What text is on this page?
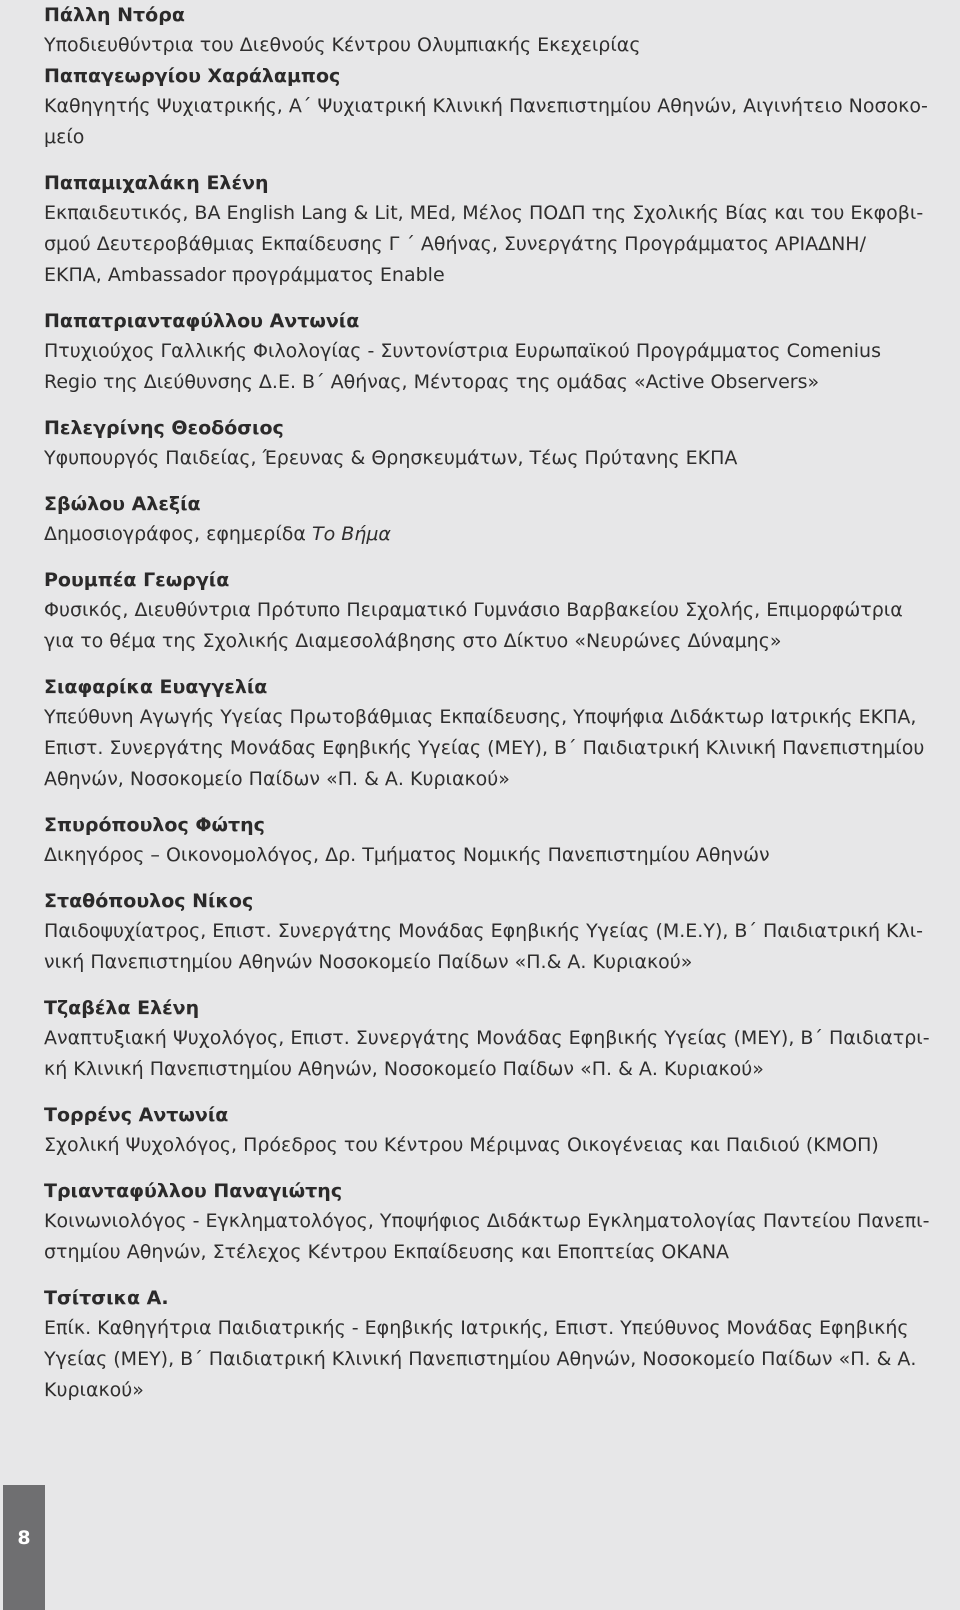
Πάλλη Ντόρα
Υποδιευθύντρια του Διεθνούς Κέντρου Ολυμπιακής Εκεχειρίας
Παπαγεωργίου Χαράλαμπος
Καθηγητής Ψυχιατρικής, Α΄ Ψυχιατρική Κλινική Πανεπιστημίου Αθηνών, Αιγινήτειο Νοσοκο-
μείο
Παπαμιχαλάκη Ελένη
Εκπαιδευτικός, BA English Lang & Lit, MEd, Μέλος ΠΟΔΠ της Σχολικής Βίας και του Εκφοβι-
σμού Δευτεροβάθμιας Εκπαίδευσης Γ ΄ Αθήνας, Συνεργάτης Προγράμματος ΑΡΙΑΔΝΗ/
ΕΚΠΑ, Ambassador προγράμματος Enable
Παπατριανταφύλλου Αντωνία
Πτυχιούχος Γαλλικής Φιλολογίας - Συντονίστρια Ευρωπαϊκού Προγράμματος Comenius
Regio της Διεύθυνσης Δ.Ε. Β΄ Αθήνας, Μέντορας της ομάδας «Active Observers»
Πελεγρίνης Θεοδόσιος
Υφυπουργός Παιδείας, Έρευνας & Θρησκευμάτων, Τέως Πρύτανης ΕΚΠΑ
Σβώλου Αλεξία
Δημοσιογράφος, εφημερίδα Το Βήμα
Ρουμπέα Γεωργία
Φυσικός, Διευθύντρια Πρότυπο Πειραματικό Γυμνάσιο Βαρβακείου Σχολής, Επιμορφώτρια
για το θέμα της Σχολικής Διαμεσολάβησης στο Δίκτυο «Νευρώνες Δύναμης»
Σιαφαρίκα Ευαγγελία
Υπεύθυνη Αγωγής Υγείας Πρωτοβάθμιας Εκπαίδευσης, Υποψήφια Διδάκτωρ Ιατρικής ΕΚΠΑ,
Επιστ. Συνεργάτης Μονάδας Εφηβικής Υγείας (ΜΕΥ), Β΄ Παιδιατρική Κλινική Πανεπιστημίου
Αθηνών, Νοσοκομείο Παίδων «Π. & Α. Κυριακού»
Σπυρόπουλος Φώτης
Δικηγόρος – Οικονομολόγος, Δρ. Τμήματος Νομικής Πανεπιστημίου Αθηνών
Σταθόπουλος Νίκος
Παιδοψυχίατρος, Επιστ. Συνεργάτης Μονάδας Εφηβικής Υγείας (Μ.Ε.Υ), Β΄ Παιδιατρική Κλι-
νική Πανεπιστημίου Αθηνών Νοσοκομείο Παίδων «Π.& Α. Κυριακού»
Τζαβέλα Ελένη
Αναπτυξιακή Ψυχολόγος, Επιστ. Συνεργάτης Μονάδας Εφηβικής Υγείας (ΜΕΥ), Β΄ Παιδιατρι-
κή Κλινική Πανεπιστημίου Αθηνών, Νοσοκομείο Παίδων «Π. & Α. Κυριακού»
Τορρένς Αντωνία
Σχολική Ψυχολόγος, Πρόεδρος του Κέντρου Μέριμνας Οικογένειας και Παιδιού (ΚΜΟΠ)
Τριανταφύλλου Παναγιώτης
Κοινωνιολόγος - Εγκληματολόγος, Υποψήφιος Διδάκτωρ Εγκληματολογίας Παντείου Πανεπι-
στημίου Αθηνών, Στέλεχος Κέντρου Εκπαίδευσης και Εποπτείας ΟΚΑΝΑ
Τσίτσικα Α.
Επίκ. Καθηγήτρια Παιδιατρικής - Εφηβικής Ιατρικής, Επιστ. Υπεύθυνος Μονάδας Εφηβικής
Υγείας (ΜΕΥ), Β΄ Παιδιατρική Κλινική Πανεπιστημίου Αθηνών, Νοσοκομείο Παίδων «Π. & Α.
Κυριακού»
8
